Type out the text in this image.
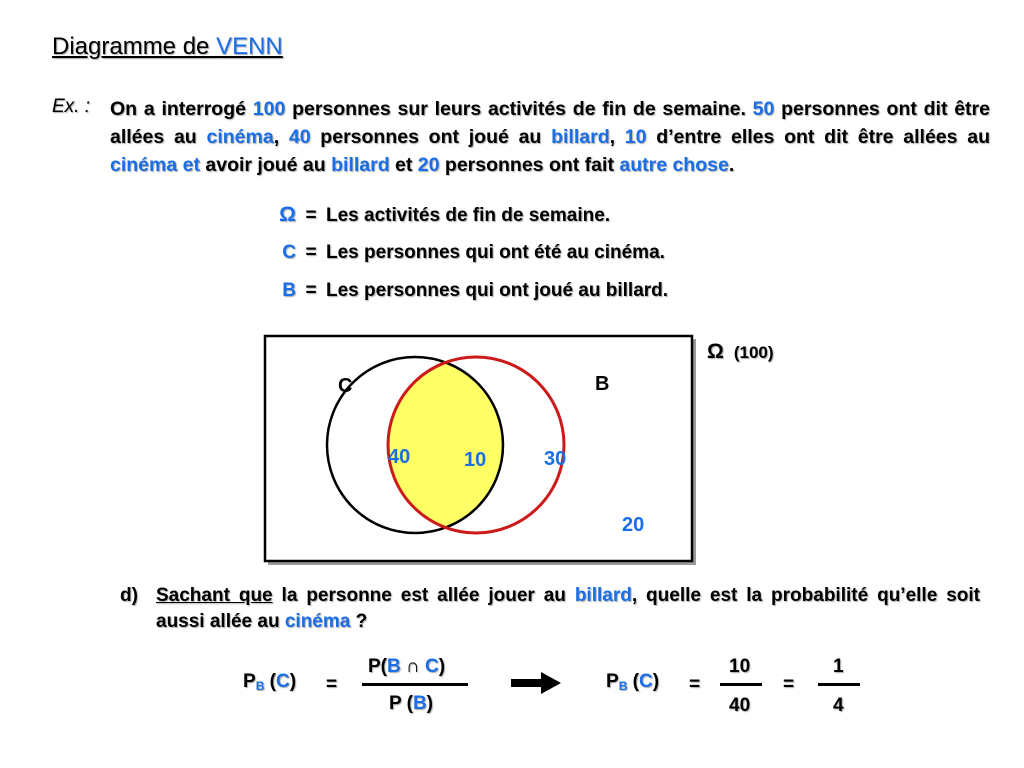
Diagramme de VENN
Ex. : On a interrogé 100 personnes sur leurs activités de fin de semaine. 50 personnes ont dit être allées au cinéma, 40 personnes ont joué au billard, 10 d’entre elles ont dit être allées au cinéma et avoir joué au billard et 20 personnes ont fait autre chose.
Ω = Les activités de fin de semaine.
C = Les personnes qui ont été au cinéma.
B = Les personnes qui ont joué au billard.
C	B
40	10	30
20
Ω (100)
d) Sachant que la personne est allée jouer au billard, quelle est la probabilité qu’elle soit aussi allée au cinéma ?
$P_B$ (C) =
P(B ∩ C)
P (B)
$P_B$ (C) =
10
40
=
1
4
